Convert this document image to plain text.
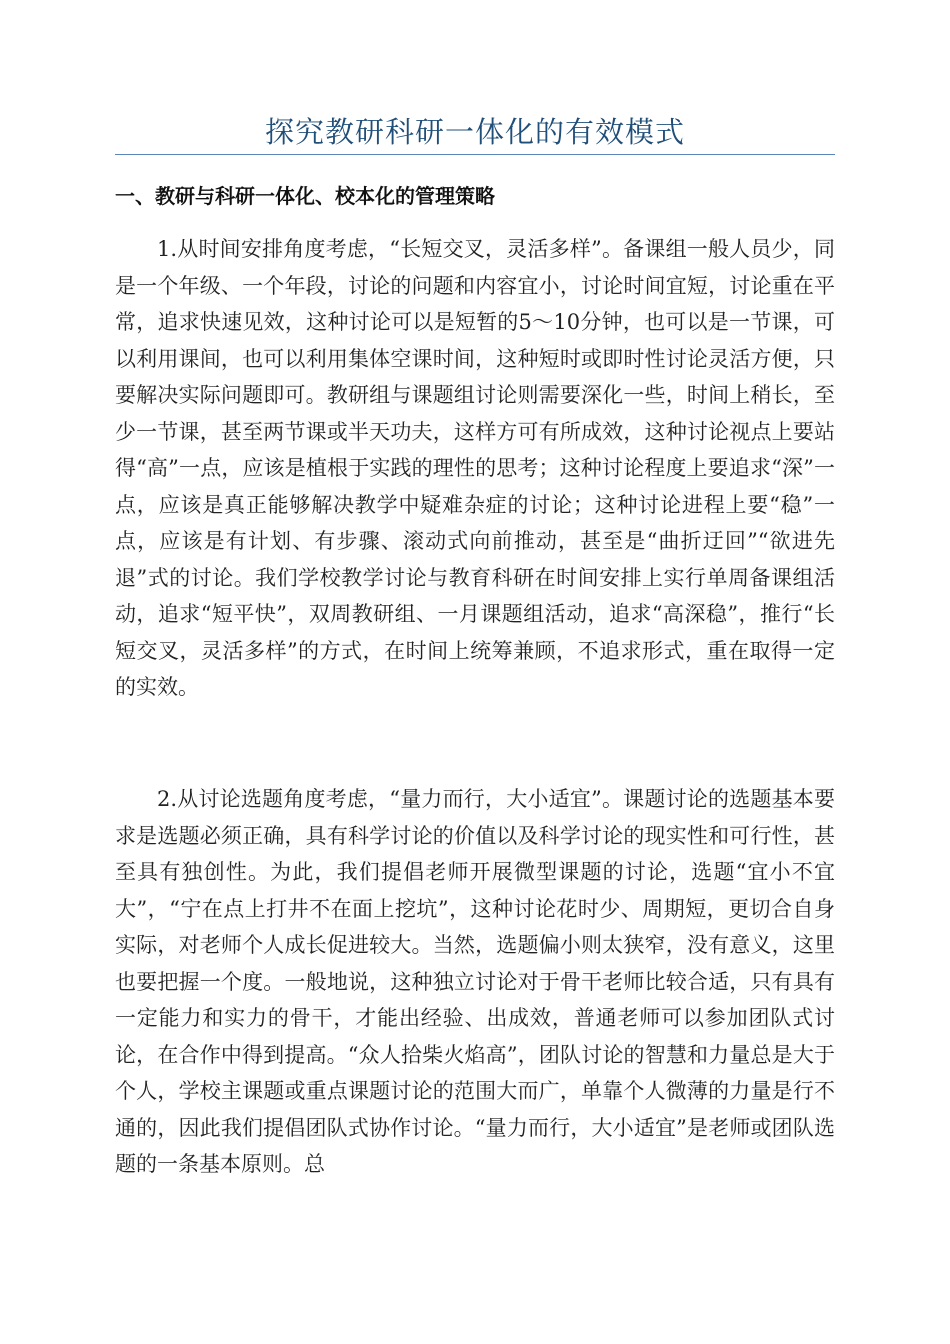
探究教研科研一体化的有效模式
一、教研与科研一体化、校本化的管理策略

1.从时间安排角度考虑，“长短交叉，灵活多样”。备课组一般人员少，同是一个年级、一个年段，讨论的问题和内容宜小，讨论时间宜短，讨论重在平常，追求快速见效，这种讨论可以是短暂的5～10分钟，也可以是一节课，可以利用课间，也可以利用集体空课时间，这种短时或即时性讨论灵活方便，只要解决实际问题即可。教研组与课题组讨论则需要深化一些，时间上稍长，至少一节课，甚至两节课或半天功夫，这样方可有所成效，这种讨论视点上要站得“高”一点，应该是植根于实践的理性的思考；这种讨论程度上要追求“深”一点，应该是真正能够解决教学中疑难杂症的讨论；这种讨论进程上要“稳”一点，应该是有计划、有步骤、滚动式向前推动，甚至是“曲折迂回”“欲进先退”式的讨论。我们学校教学讨论与教育科研在时间安排上实行单周备课组活动，追求“短平快”，双周教研组、一月课题组活动，追求“高深稳”，推行“长短交叉，灵活多样”的方式，在时间上统筹兼顾，不追求形式，重在取得一定的实效。

2.从讨论选题角度考虑，“量力而行，大小适宜”。课题讨论的选题基本要求是选题必须正确，具有科学讨论的价值以及科学讨论的现实性和可行性，甚至具有独创性。为此，我们提倡老师开展微型课题的讨论，选题“宜小不宜大”，“宁在点上打井不在面上挖坑”，这种讨论花时少、周期短，更切合自身实际，对老师个人成长促进较大。当然，选题偏小则太狭窄，没有意义，这里也要把握一个度。一般地说，这种独立讨论对于骨干老师比较合适，只有具有一定能力和实力的骨干，才能出经验、出成效，普通老师可以参加团队式讨论，在合作中得到提高。“众人拾柴火焰高”，团队讨论的智慧和力量总是大于个人，学校主课题或重点课题讨论的范围大而广，单靠个人微薄的力量是行不通的，因此我们提倡团队式协作讨论。“量力而行，大小适宜”是老师或团队选题的一条基本原则。总
